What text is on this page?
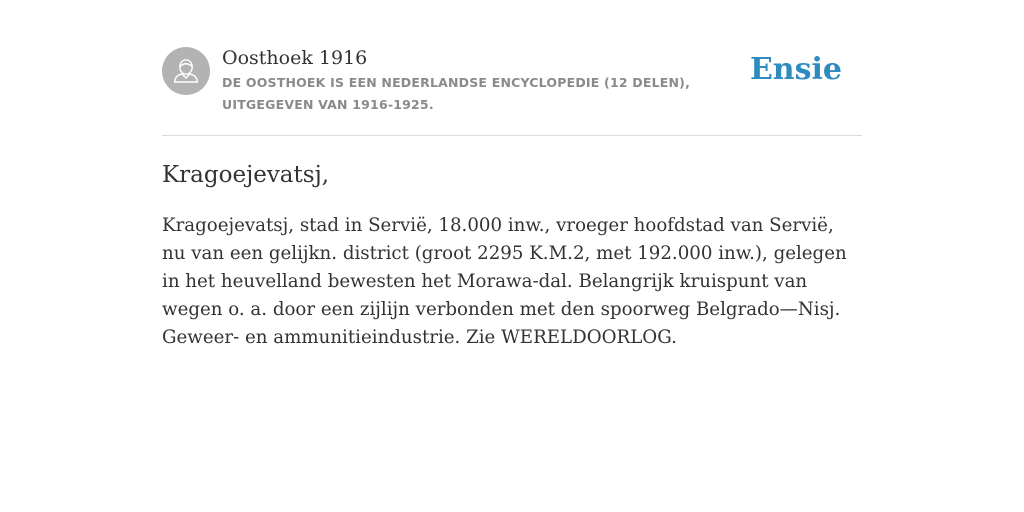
Oosthoek 1916
DE OOSTHOEK IS EEN NEDERLANDSE ENCYCLOPEDIE (12 DELEN), UITGEGEVEN VAN 1916-1925.
Ensie
Kragoejevatsj,

Kragoejevatsj, stad in Servië, 18.000 inw., vroeger hoofdstad van Servië, nu van een gelijkn. district (groot 2295 K.M.2, met 192.000 inw.), gelegen in het heuvelland bewesten het Morawa-dal. Belangrijk kruispunt van wegen o. a. door een zijlijn verbonden met den spoorweg Belgrado—Nisj. Geweer- en ammunitieindustrie. Zie WERELDOORLOG.
